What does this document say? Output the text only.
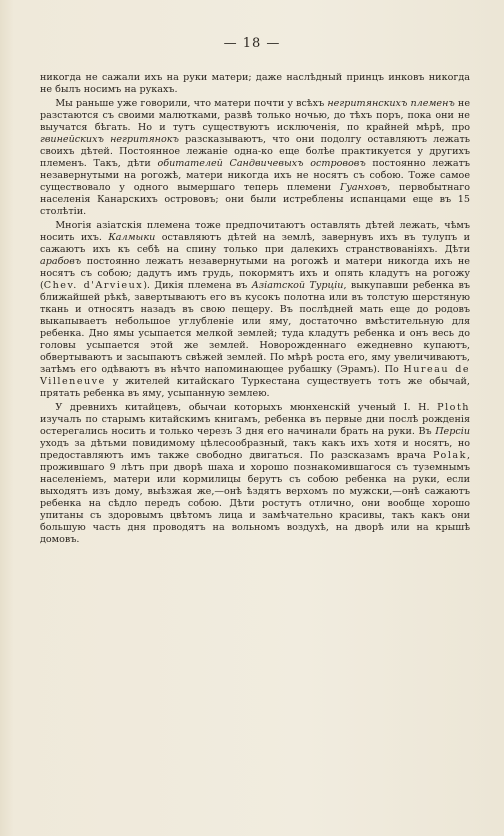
— 18 —

никогда не сажали ихъ на руки матери; даже наслѣдный принцъ инковъ никогда не былъ носимъ на рукахъ.

Мы раньше уже говорили, что матери почти у всѣхъ негритянскихъ племенъ не разстаются съ своими малютками, развѣ только ночью, до тѣхъ поръ, пока они не выучатся бѣгать. Но и тутъ существуютъ исключенія, по крайней мѣрѣ, про гвинейскихъ негритянокъ разсказываютъ, что они подолгу оставляютъ лежать своихъ дѣтей. Постоянное лежаніе одна-ко еще болѣе практикуется у другихъ племенъ. Такъ, дѣти обитателей Сандвичевыхъ острововъ постоянно лежатъ незавернутыми на рогожѣ, матери никогда ихъ не носятъ съ собою. Тоже самое существовало у одного вымершаго теперь племени Гуанховъ, первобытнаго населенія Канарскихъ острововъ; они были истреблены испанцами еще въ 15 столѣтіи.

Многія азіатскія племена тоже предпочитаютъ оставлять дѣтей лежать, чѣмъ носить ихъ. Калмыки оставляютъ дѣтей на землѣ, завернувъ ихъ въ тулупъ и сажаютъ ихъ къ себѣ на спину только при далекихъ странствованіяхъ. Дѣти арабовъ постоянно лежатъ незавернутыми на рогожѣ и матери никогда ихъ не носятъ съ собою; дадутъ имъ грудь, покормятъ ихъ и опять кладутъ на рогожу (Chev. d'Arvieux). Дикія племена въ Азіатской Турціи, выкупавши ребенка въ ближайшей рѣкѣ, завертываютъ его въ кусокъ полотна или въ толстую шерстяную ткань и относятъ назадъ въ свою пещеру. Въ послѣдней мать еще до родовъ выкапываетъ небольшое углубленіе или яму, достаточно вмѣстительную для ребенка. Дно ямы усыпается мелкой землей; туда кладутъ ребенка и онъ весь до головы усыпается этой же землей. Новорожденнаго ежедневно купаютъ, обвертываютъ и засыпаютъ свѣжей землей. По мѣрѣ роста его, яму увеличиваютъ, затѣмъ его одѣваютъ въ нѣчто напоминающее рубашку (Эрамъ). По Hureau de Villeneuve у жителей китайскаго Туркестана существуетъ тотъ же обычай, прятать ребенка въ яму, усыпанную землею.

У древнихъ китайцевъ, обычаи которыхъ мюнхенскій ученый I. H. Ploth изучалъ по старымъ китайскимъ книгамъ, ребенка въ первые дни послѣ рожденія остерегались носить и только черезъ 3 дня его начинали брать на руки. Въ Персіи уходъ за дѣтьми повидимому цѣлесообразный, такъ какъ ихъ хотя и носятъ, но предоставляютъ имъ также свободно двигаться. По разсказамъ врача Polak, прожившаго 9 лѣтъ при дворѣ шаха и хорошо познакомившагося съ туземнымъ населеніемъ, матери или кормилицы берутъ съ собою ребенка на руки, если выходятъ изъ дому, выѣзжая же,—онѣ ѣздятъ верхомъ по мужски,—онѣ сажаютъ ребенка на сѣдло передъ собою. Дѣти ростутъ отлично, они вообще хорошо упитаны съ здоровымъ цвѣтомъ лица и замѣчательно красивы, такъ какъ они большую часть дня проводятъ на вольномъ воздухѣ, на дворѣ или на крышѣ домовъ.
